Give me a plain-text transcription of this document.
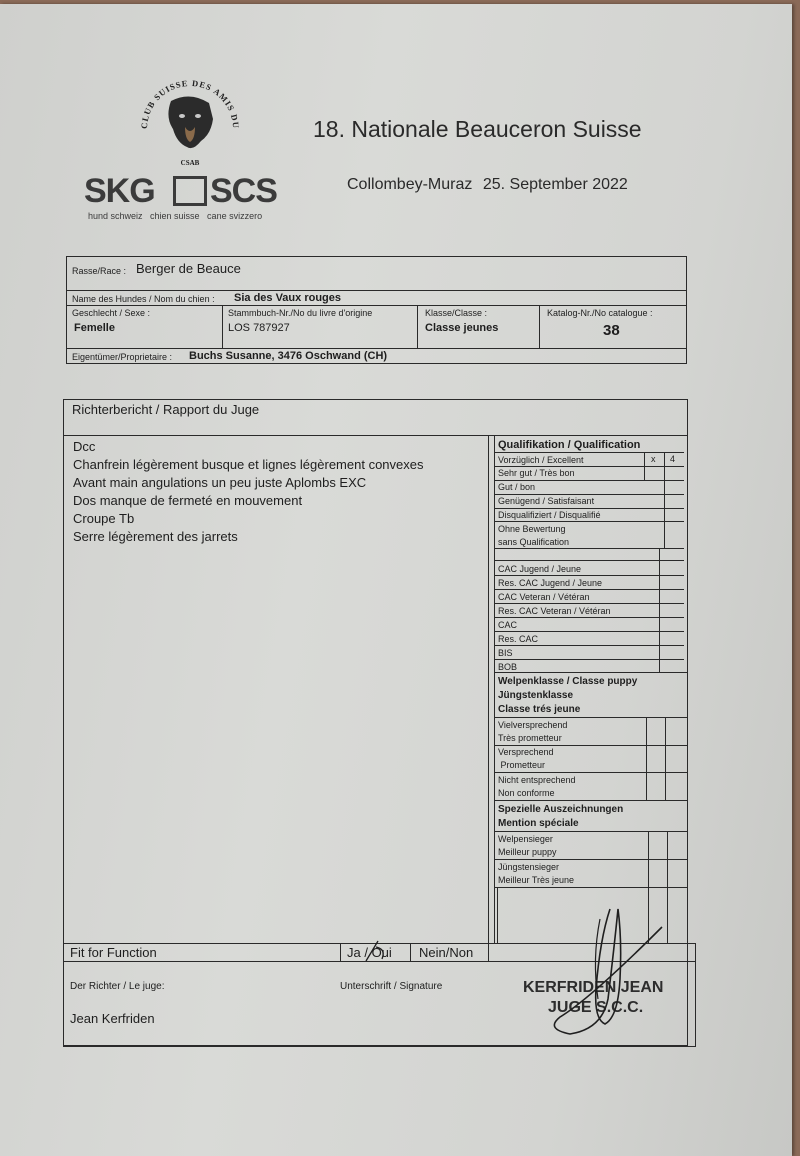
CLUB SUISSE DES AMIS DU
CSAB
SKG SCS
hund schweiz   chien suisse   cane svizzero
18. Nationale Beauceron Suisse
Collombey-Muraz 25. September 2022
Rasse/Race : Berger de Beauce
Name des Hundes / Nom du chien : Sia des Vaux rouges
Geschlecht / Sexe :
Femelle
Stammbuch-Nr./No du livre d'origine
LOS 787927
Klasse/Classe :
Classe jeunes
Katalog-Nr./No catalogue :
38
Eigentümer/Proprietaire : Buchs Susanne, 3476 Oschwand (CH)
Richterbericht / Rapport du Juge
Dcc
Chanfrein légèrement busque et lignes légèrement convexes
Avant main angulations un peu juste Aplombs EXC
Dos manque de fermeté en mouvement
Croupe Tb
Serre légèrement des jarrets
Qualifikation / Qualification
Vorzüglich / Excellent	x 4
Sehr gut / Très bon
Gut / bon
Genügend / Satisfaisant
Disqualifiziert / Disqualifié
Ohne Bewertung
sans Qualification
CAC Jugend / Jeune
Res. CAC Jugend / Jeune
CAC Veteran / Vétéran
Res. CAC Veteran / Vétéran
CAC
Res. CAC
BIS
BOB
Welpenklasse / Classe puppy
Jüngstenklasse
Classe trés jeune
Vielversprechend
Très prometteur
Versprechend
Prometteur
Nicht entsprechend
Non conforme
Spezielle Auszeichnungen
Mention spéciale
Welpensieger
Meilleur puppy
Jüngstensieger
Meilleur Très jeune
Fit for Function	Ja / Oui Nein/Non
Der Richter / Le juge:
Jean Kerfriden
Unterschrift / Signature	KERFRIDEN JEAN
JUGE S.C.C.
